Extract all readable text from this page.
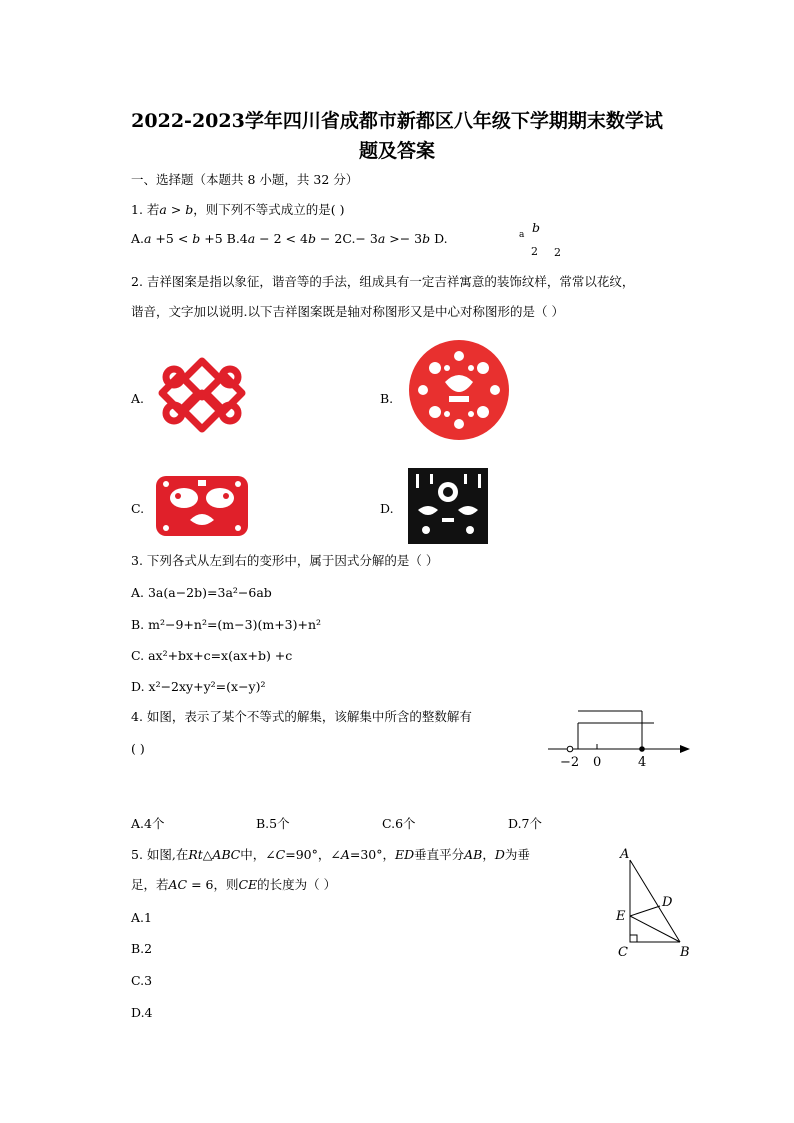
2022-2023学年四川省成都市新都区八年级下学期期末数学试
题及答案
一、选择题（本题共 8 小题，共 32 分）
1. 若𝑎 > 𝑏，则下列不等式成立的是( )
A.𝑎 +5 < 𝑏 +5 B.4𝑎 − 2 < 4𝑏 − 2C.− 3𝑎 >− 3𝑏 D.	a b
2 2
2. 吉祥图案是指以象征，谐音等的手法，组成具有一定吉祥寓意的装饰纹样，常常以花纹，
谐音，文字加以说明.以下吉祥图案既是轴对称图形又是中心对称图形的是（ ）
A.	B.
C.	D.
3. 下列各式从左到右的变形中，属于因式分解的是（ ）
A. 3a(a−2b)=3a²−6ab
B. m²−9+n²=(m−3)(m+3)+n²
C. ax²+bx+c=x(ax+b) +c
D. x²−2xy+y²=(x−y)²
4. 如图，表示了某个不等式的解集，该解集中所含的整数解有
( )
−2 0	4
A.4个	B.5个	C.6个	D.7个
5. 如图,在𝑅𝑡△𝐴𝐵𝐶中，∠𝐶=90°，∠𝐴=30°，𝐸𝐷垂直平分𝐴𝐵，𝐷为垂
足，若𝐴𝐶 = 6，则𝐶𝐸的长度为（ ）
A.1
B.2
C.3
D.4
A
D
E
C	B
